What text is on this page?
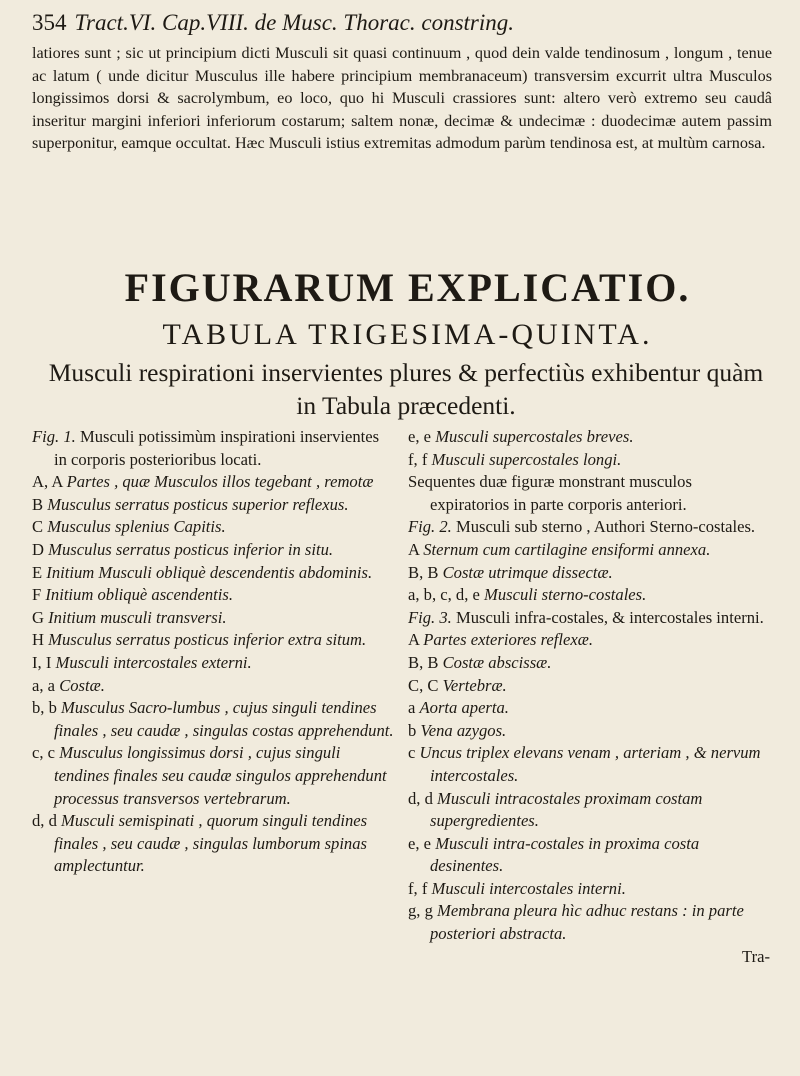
354 Tract.VI. Cap.VIII. de Musc. Thorac. constring.

latiores sunt ; sic ut principium dicti Musculi sit quasi continuum , quod dein valde tendinosum , longum , tenue ac latum ( unde dicitur Musculus ille habere principium membranaceum) transversim excurrit ultra Musculos longissimos dorsi & sacrolymbum, eo loco, quo hi Musculi crassiores sunt: altero verò extremo seu caudâ inseritur margini inferiori inferiorum costarum; saltem nonæ, decimæ & undecimæ : duodecimæ autem passim superponitur, eamque occultat. Hæc Musculi istius extremitas admodum parùm tendinosa est, at multùm carnosa.

FIGURARUM EXPLICATIO.
TABULA TRIGESIMA-QUINTA.
Musculi respirationi inservientes plures & perfectiùs exhibentur quàm in Tabula præcedenti.

Fig. 1. Musculi potissimùm inspirationi inservientes in corporis posterioribus locati.

A, A Partes , quæ Musculos illos tegebant , remotæ

B Musculus serratus posticus superior reflexus.

C Musculus splenius Capitis.

D Musculus serratus posticus inferior in situ.

E Initium Musculi obliquè descendentis abdominis.

F Initium obliquè ascendentis.

G Initium musculi transversi.

H Musculus serratus posticus inferior extra situm.

I, I Musculi intercostales externi.

a, a Costæ.

b, b Musculus Sacro-lumbus , cujus singuli tendines finales , seu caudæ , singulas costas apprehendunt.

c, c Musculus longissimus dorsi , cujus singuli tendines finales seu caudæ singulos apprehendunt processus transversos vertebrarum.

d, d Musculi semispinati , quorum singuli tendines finales , seu caudæ , singulas lumborum spinas amplectuntur.

e, e Musculi supercostales breves.

f, f Musculi supercostales longi.

Sequentes duæ figuræ monstrant musculos expiratorios in parte corporis anteriori.

Fig. 2. Musculi sub sterno , Authori Sterno-costales.

A Sternum cum cartilagine ensiformi annexa.

B, B Costæ utrimque dissectæ.

a, b, c, d, e Musculi sterno-costales.

Fig. 3. Musculi infra-costales, & intercostales interni.

A Partes exteriores reflexæ.

B, B Costæ abscissæ.

C, C Vertebræ.

a Aorta aperta.

b Vena azygos.

c Uncus triplex elevans venam , arteriam , & nervum intercostales.

d, d Musculi intracostales proximam costam supergredientes.

e, e Musculi intra-costales in proxima costa desinentes.

f, f Musculi intercostales interni.

g, g Membrana pleura hìc adhuc restans : in parte posteriori abstracta.

Tra-
